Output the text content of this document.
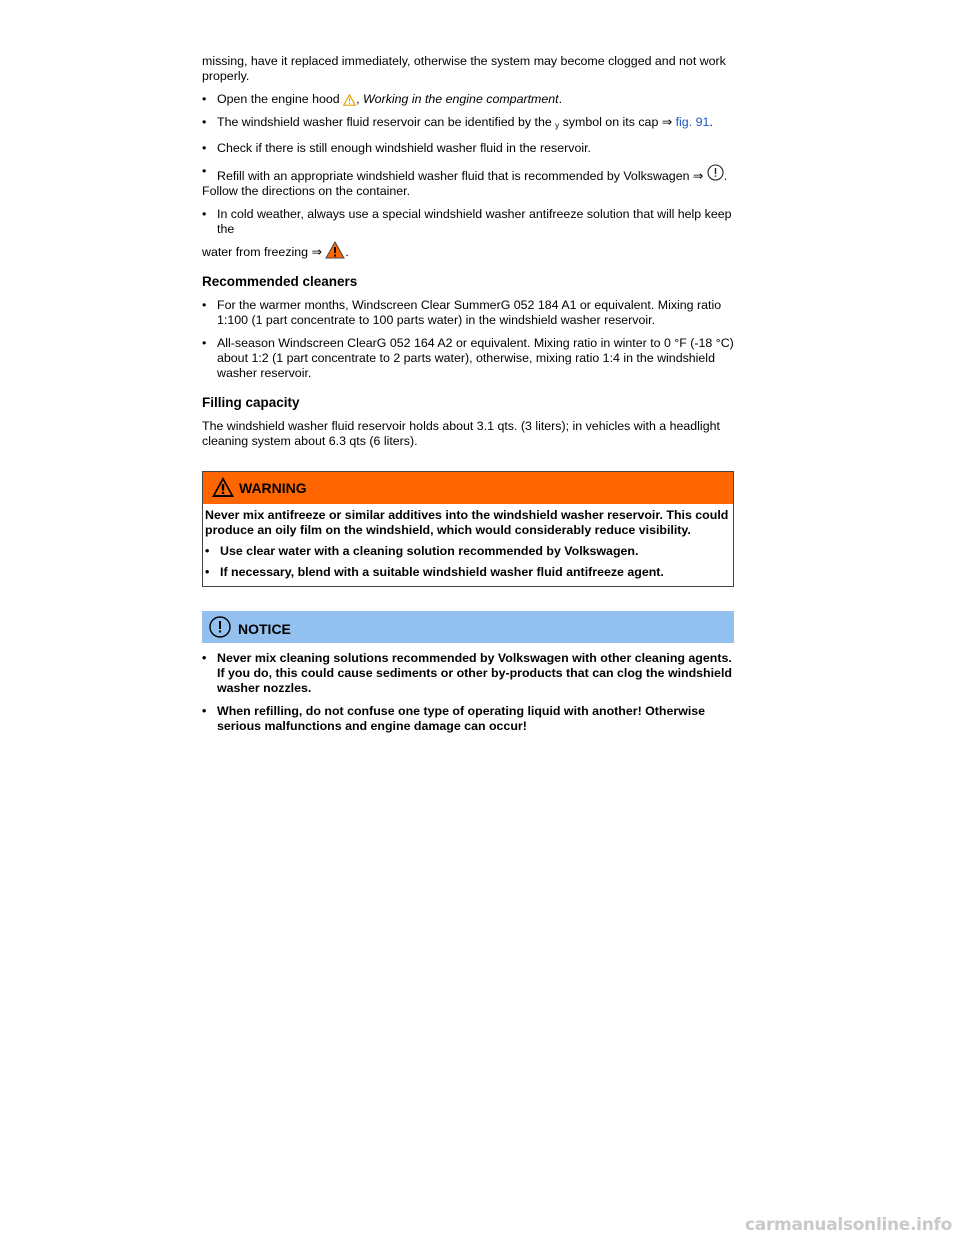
missing, have it replaced immediately, otherwise the system may become clogged and not work properly.

• Open the engine hood , Working in the engine compartment.
• The windshield washer fluid reservoir can be identified by the y symbol on its cap ⇒ fig. 91.
• Check if there is still enough windshield washer fluid in the reservoir.
• Refill with an appropriate windshield washer fluid that is recommended by Volkswagen ⇒ .
Follow the directions on the container.
• In cold weather, always use a special windshield washer antifreeze solution that will help keep the
water from freezing ⇒ .
Recommended cleaners
• For the warmer months, Windscreen Clear SummerG 052 184 A1 or equivalent. Mixing ratio 1:100 (1 part concentrate to 100 parts water) in the windshield washer reservoir.
• All-season Windscreen ClearG 052 164 A2 or equivalent. Mixing ratio in winter to 0 °F (-18 °C) about 1:2 (1 part concentrate to 2 parts water), otherwise, mixing ratio 1:4 in the windshield washer reservoir.
Filling capacity

The windshield washer fluid reservoir holds about 3.1 qts. (3 liters); in vehicles with a headlight cleaning system about 6.3 qts (6 liters).

WARNING

Never mix antifreeze or similar additives into the windshield washer reservoir. This could produce an oily film on the windshield, which would considerably reduce visibility.

• Use clear water with a cleaning solution recommended by Volkswagen.
• If necessary, blend with a suitable windshield washer fluid antifreeze agent.
NOTICE
• Never mix cleaning solutions recommended by Volkswagen with other cleaning agents. If you do, this could cause sediments or other by-products that can clog the windshield washer nozzles.
• When refilling, do not confuse one type of operating liquid with another! Otherwise serious malfunctions and engine damage can occur!
carmanualsonline.info
